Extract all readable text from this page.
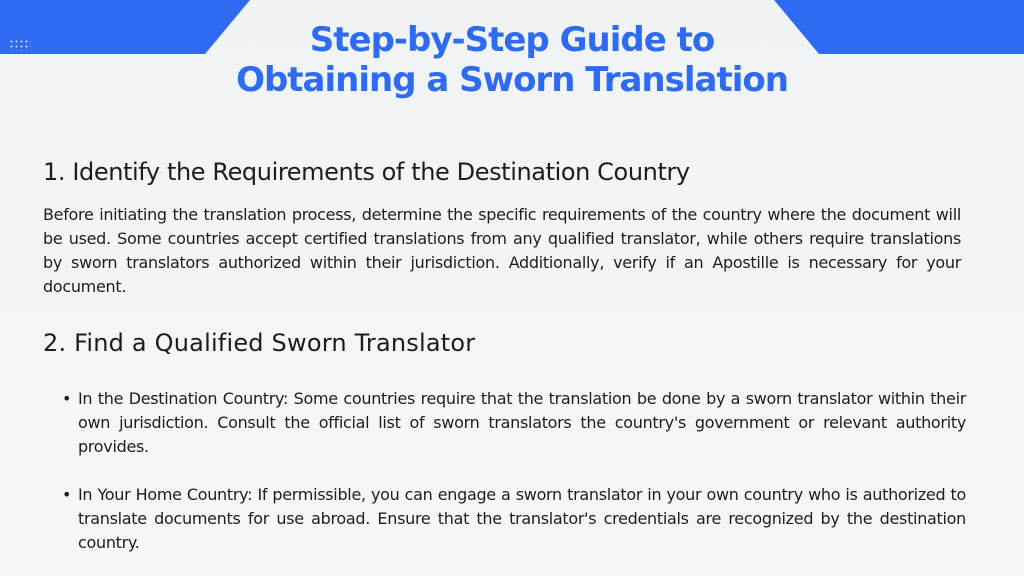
Step-by-Step Guide to
Obtaining a Sworn Translation
1. Identify the Requirements of the Destination Country

Before initiating the translation process, determine the specific requirements of the country where the document will be used. Some countries accept certified translations from any qualified translator, while others require translations by sworn translators authorized within their jurisdiction. Additionally, verify if an Apostille is necessary for your document.

2. Find a Qualified Sworn Translator
• In the Destination Country: Some countries require that the translation be done by a sworn translator within their own jurisdiction. Consult the official list of sworn translators the country's government or relevant authority provides.
• In Your Home Country: If permissible, you can engage a sworn translator in your own country who is authorized to translate documents for use abroad. Ensure that the translator's credentials are recognized by the destination country.
